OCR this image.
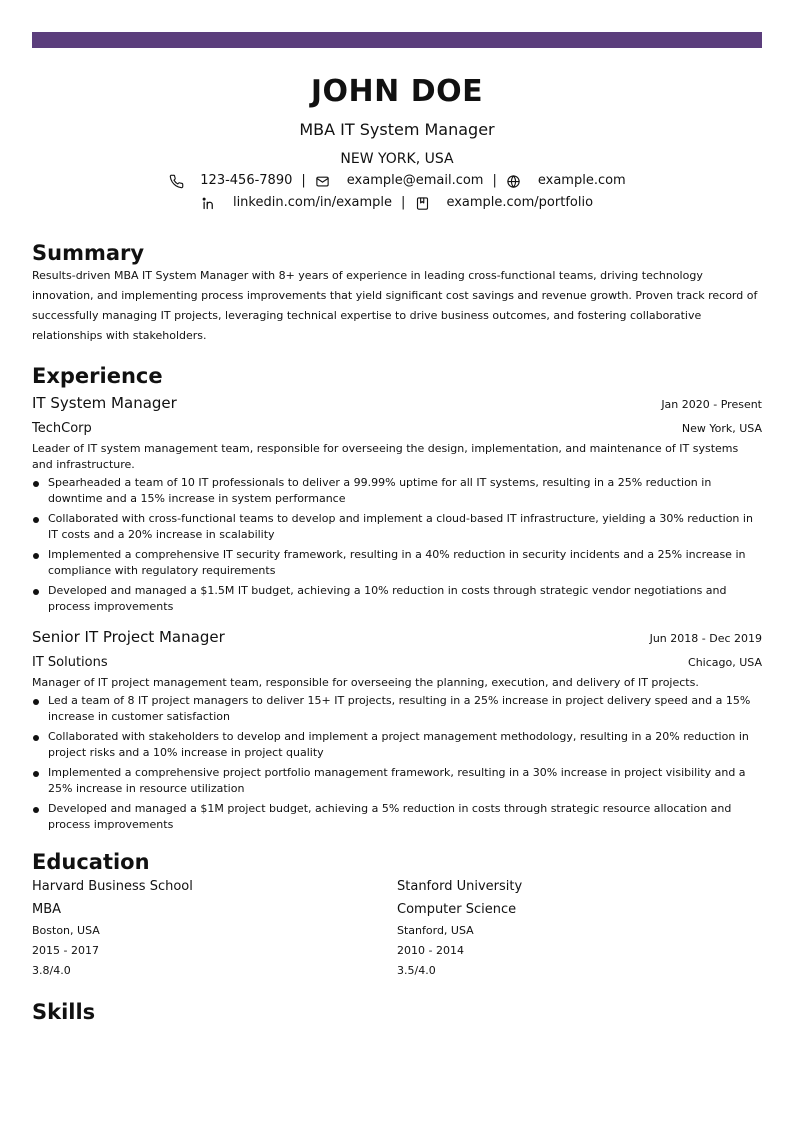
JOHN DOE
MBA IT System Manager
NEW YORK, USA
123-456-7890 |	example@email.com |	example.com
linkedin.com/in/example |	example.com/portfolio
Summary
Results-driven MBA IT System Manager with 8+ years of experience in leading cross-functional teams, driving technology innovation, and implementing process improvements that yield significant cost savings and revenue growth. Proven track record of successfully managing IT projects, leveraging technical expertise to drive business outcomes, and fostering collaborative relationships with stakeholders.
Experience
IT System Manager	Jan 2020 - Present
TechCorp	New York, USA
Leader of IT system management team, responsible for overseeing the design, implementation, and maintenance of IT systems and infrastructure.
Spearheaded a team of 10 IT professionals to deliver a 99.99% uptime for all IT systems, resulting in a 25% reduction in downtime and a 15% increase in system performance
Collaborated with cross-functional teams to develop and implement a cloud-based IT infrastructure, yielding a 30% reduction in IT costs and a 20% increase in scalability
Implemented a comprehensive IT security framework, resulting in a 40% reduction in security incidents and a 25% increase in compliance with regulatory requirements
Developed and managed a $1.5M IT budget, achieving a 10% reduction in costs through strategic vendor negotiations and process improvements
Senior IT Project Manager	Jun 2018 - Dec 2019
IT Solutions	Chicago, USA
Manager of IT project management team, responsible for overseeing the planning, execution, and delivery of IT projects.
Led a team of 8 IT project managers to deliver 15+ IT projects, resulting in a 25% increase in project delivery speed and a 15% increase in customer satisfaction
Collaborated with stakeholders to develop and implement a project management methodology, resulting in a 20% reduction in project risks and a 10% increase in project quality
Implemented a comprehensive project portfolio management framework, resulting in a 30% increase in project visibility and a 25% increase in resource utilization
Developed and managed a $1M project budget, achieving a 5% reduction in costs through strategic resource allocation and process improvements
Education
Harvard Business School
MBA
Boston, USA
2015 - 2017
3.8/4.0
Stanford University
Computer Science
Stanford, USA
2010 - 2014
3.5/4.0
Skills
